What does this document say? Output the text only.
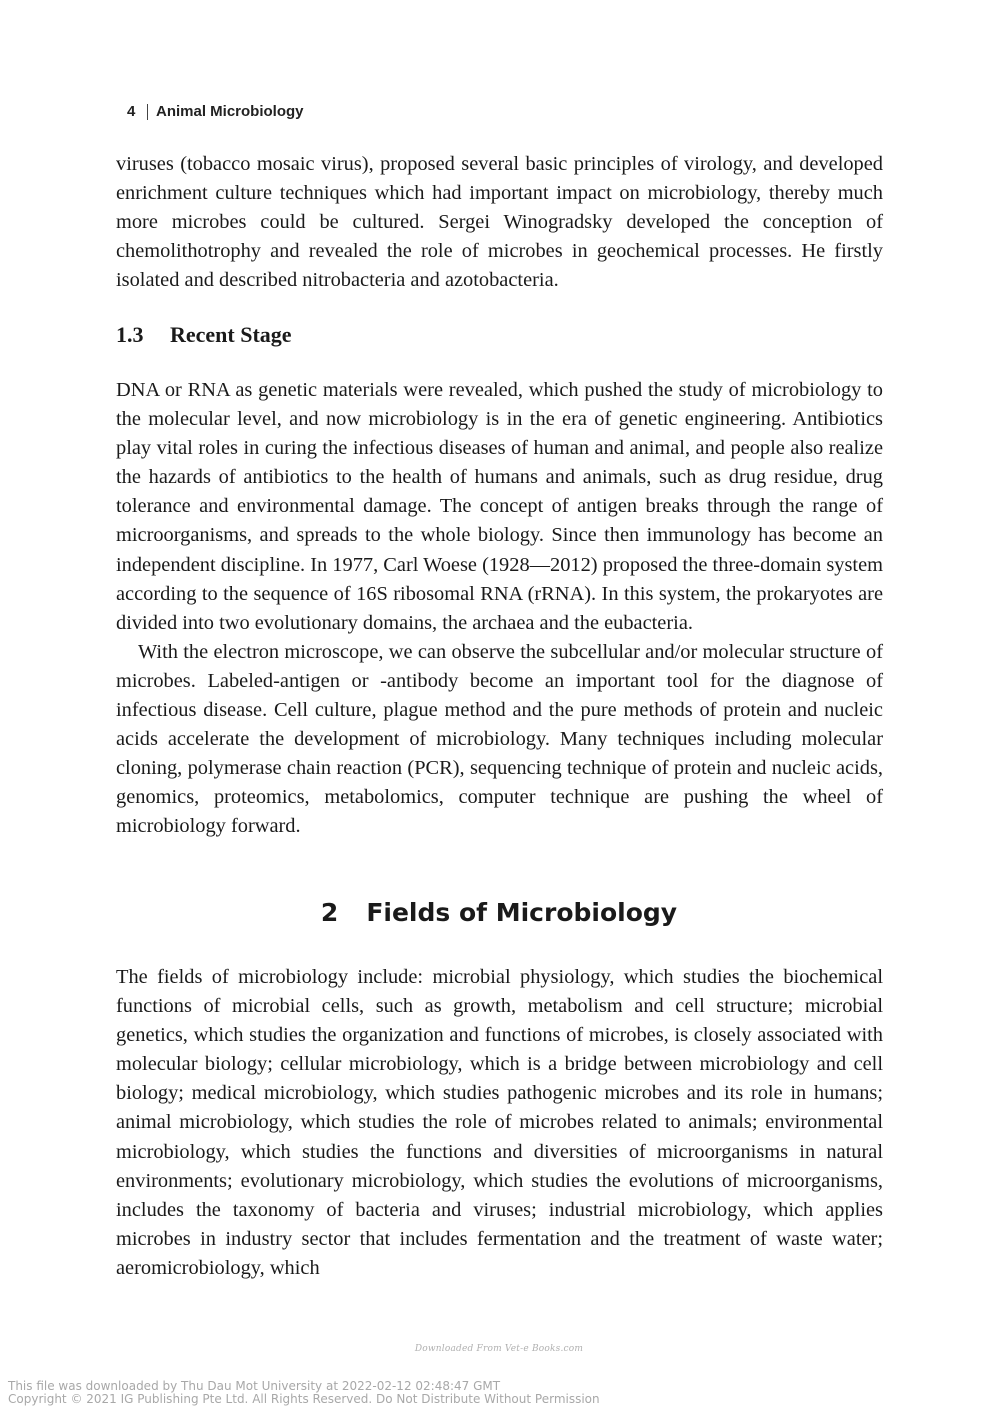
4	Animal Microbiology

viruses (tobacco mosaic virus), proposed several basic principles of virology, and developed enrichment culture techniques which had important impact on microbiology, thereby much more microbes could be cultured. Sergei Winogradsky developed the conception of chemolithotrophy and revealed the role of microbes in geochemical processes. He firstly isolated and described nitrobacteria and azotobacteria.

1.3 Recent Stage

DNA or RNA as genetic materials were revealed, which pushed the study of microbiology to the molecular level, and now microbiology is in the era of genetic engineering. Antibiotics play vital roles in curing the infectious diseases of human and animal, and people also realize the hazards of antibiotics to the health of humans and animals, such as drug residue, drug tolerance and environmental damage. The concept of antigen breaks through the range of microorganisms, and spreads to the whole biology. Since then immunology has become an independent discipline. In 1977, Carl Woese (1928—2012) proposed the three-domain system according to the sequence of 16S ribosomal RNA (rRNA). In this system, the prokaryotes are divided into two evolutionary domains, the archaea and the eubacteria.

With the electron microscope, we can observe the subcellular and/or molecular structure of microbes. Labeled-antigen or -antibody become an important tool for the diagnose of infectious disease. Cell culture, plague method and the pure methods of protein and nucleic acids accelerate the development of microbiology. Many techniques including molecular cloning, polymerase chain reaction (PCR), sequencing technique of protein and nucleic acids, genomics, proteomics, metabolomics, computer technique are pushing the wheel of microbiology forward.

2 Fields of Microbiology

The fields of microbiology include: microbial physiology, which studies the biochemical functions of microbial cells, such as growth, metabolism and cell structure; microbial genetics, which studies the organization and functions of microbes, is closely associated with molecular biology; cellular microbiology, which is a bridge between microbiology and cell biology; medical microbiology, which studies pathogenic microbes and its role in humans; animal microbiology, which studies the role of microbes related to animals; environmental microbiology, which studies the functions and diversities of microorganisms in natural environments; evolutionary microbiology, which studies the evolutions of microorganisms, includes the taxonomy of bacteria and viruses; industrial microbiology, which applies microbes in industry sector that includes fermentation and the treatment of waste water; aeromicrobiology, which

Downloaded From Vet-e Books.com
This file was downloaded by Thu Dau Mot University at 2022-02-12 02:48:47 GMT
Copyright © 2021 IG Publishing Pte Ltd. All Rights Reserved. Do Not Distribute Without Permission
